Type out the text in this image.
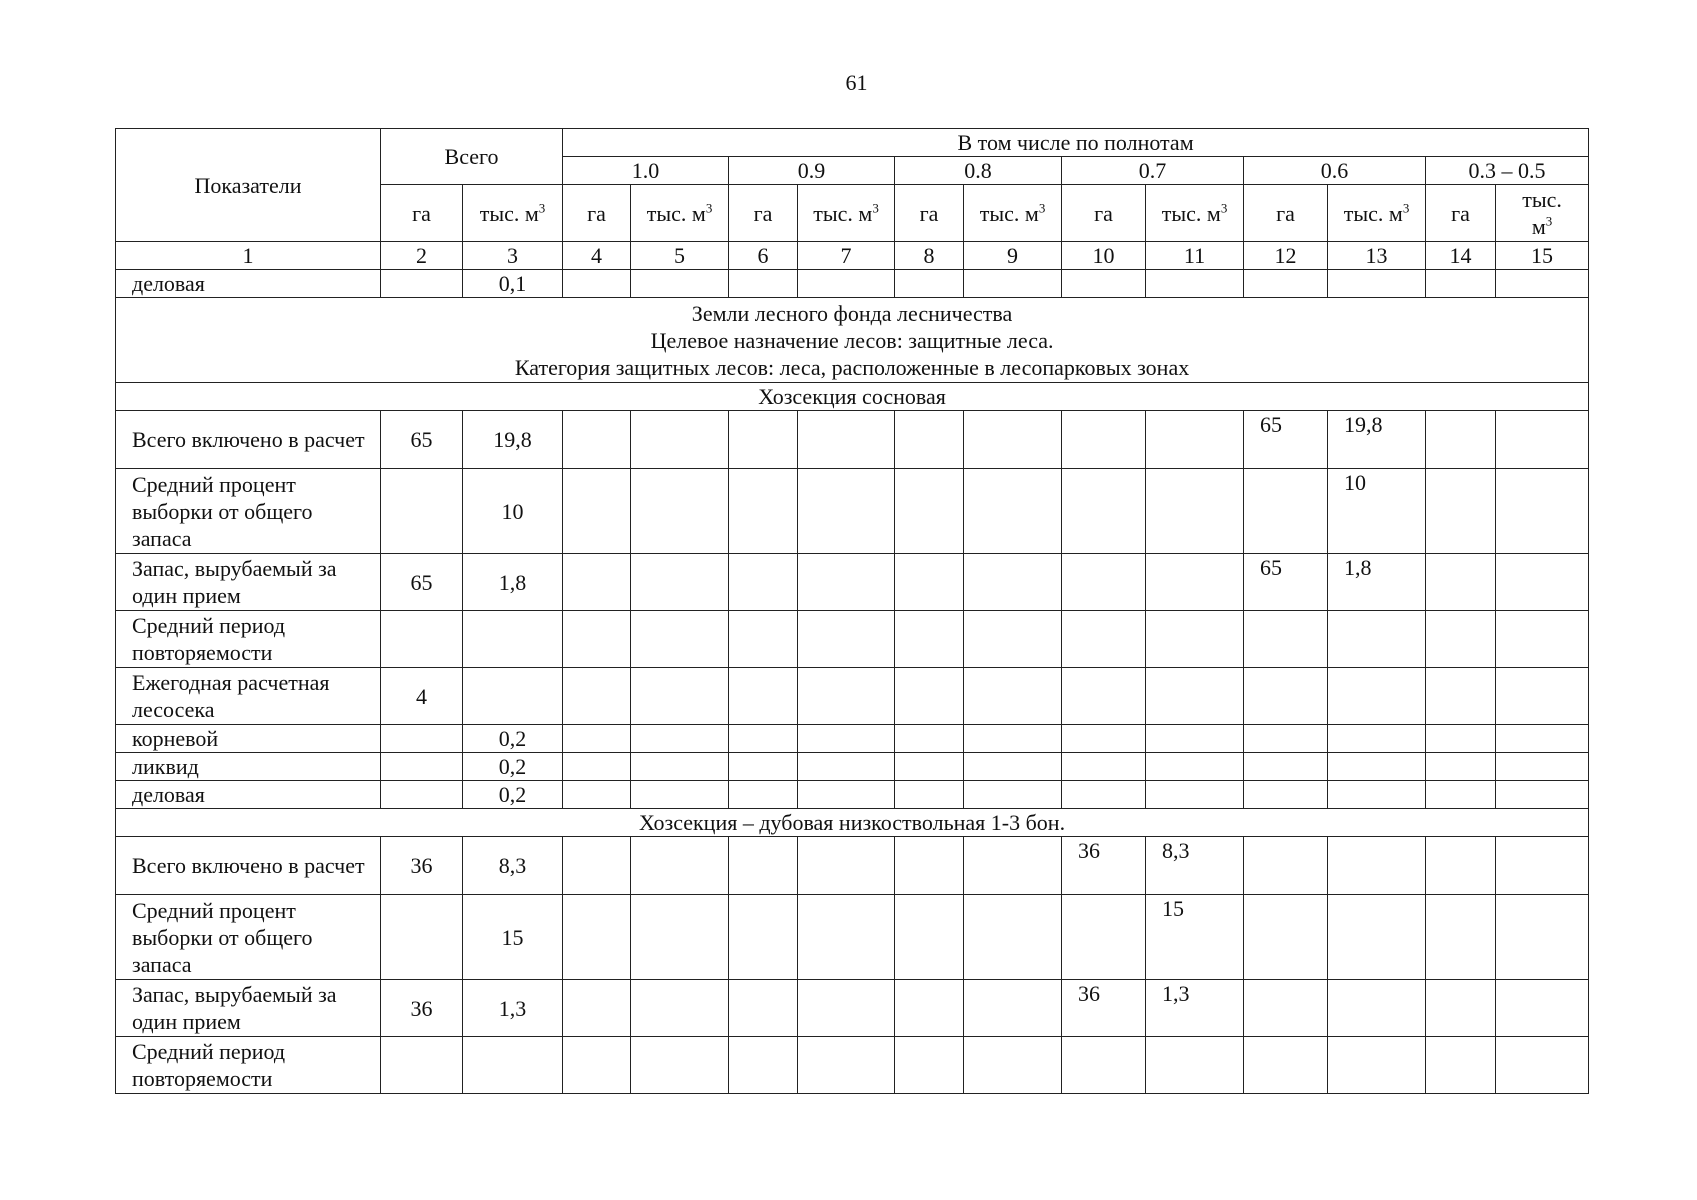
61
Показатели	Всего		В том числе по полнотам											
			1.0		0.9		0.8		0.7		0.6		0.3 – 0.5	
	га	тыс. $м^3$	га	тыс. $м^3$	га	тыс. $м^3$	га	тыс. $м^3$	га	тыс. $м^3$	га	тыс. $м^3$	га	тыс.
$м^3$
1	2	3	4	5	6	7	8	9	10	11	12	13	14	15
деловая		0,1												

Земли лесного фонда лесничества
Целевое назначение лесов: защитные леса.
Категория защитных лесов: леса, расположенные в лесопарковых зонах														

Хозсекция сосновая														
Всего включено в расчет	65	19,8									65	19,8		
Средний процент выборки от общего запаса		10										10		
Запас, вырубаемый за один прием	65	1,8									65	1,8		
Средний период повторяемости														
Ежегодная расчетная лесосека	4													
корневой		0,2												
ликвид		0,2												
деловая		0,2												
Хозсекция – дубовая низкоствольная 1-3 бон.														
Всего включено в расчет	36	8,3							36	8,3				
Средний процент выборки от общего запаса		15								15				
Запас, вырубаемый за один прием	36	1,3							36	1,3				
Средний период повторяемости														
